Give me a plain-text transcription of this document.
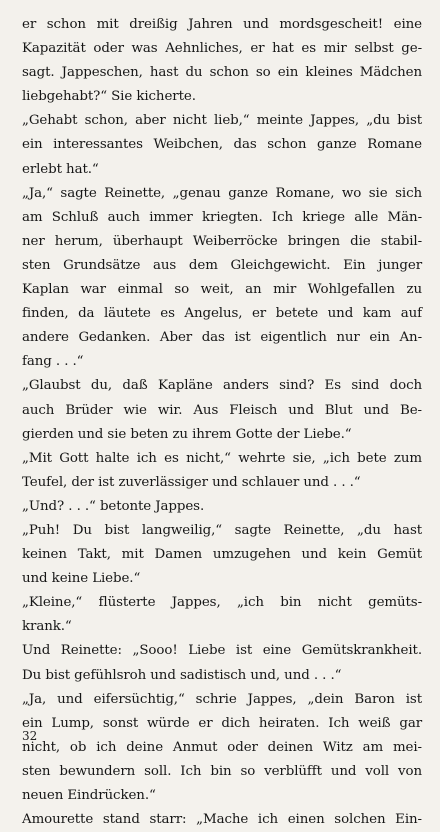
er schon mit dreißig Jahren und mordsgescheit! eine
Kapazität oder was Aehnliches, er hat es mir selbst ge-
sagt. Jappeschen, hast du schon so ein kleines Mädchen
liebgehabt?“ Sie kicherte.
„Gehabt schon, aber nicht lieb,“ meinte Jappes, „du bist
ein interessantes Weibchen, das schon ganze Romane
erlebt hat.“
„Ja,“ sagte Reinette, „genau ganze Romane, wo sie sich
am Schluß auch immer kriegten. Ich kriege alle Män-
ner herum, überhaupt Weiberröcke bringen die stabil-
sten Grundsätze aus dem Gleichgewicht. Ein junger
Kaplan war einmal so weit, an mir Wohlgefallen zu
finden, da läutete es Angelus, er betete und kam auf
andere Gedanken. Aber das ist eigentlich nur ein An-
fang . . .“
„Glaubst du, daß Kapläne anders sind? Es sind doch
auch Brüder wie wir. Aus Fleisch und Blut und Be-
gierden und sie beten zu ihrem Gotte der Liebe.“
„Mit Gott halte ich es nicht,“ wehrte sie, „ich bete zum
Teufel, der ist zuverlässiger und schlauer und . . .“
„Und? . . .“ betonte Jappes.
„Puh! Du bist langweilig,“ sagte Reinette, „du hast
keinen Takt, mit Damen umzugehen und kein Gemüt
und keine Liebe.“
„Kleine,“ flüsterte Jappes, „ich bin nicht gemüts-
krank.“
Und Reinette: „Sooo! Liebe ist eine Gemütskrankheit.
Du bist gefühlsroh und sadistisch und, und . . .“
„Ja, und eifersüchtig,“ schrie Jappes, „dein Baron ist
ein Lump, sonst würde er dich heiraten. Ich weiß gar
nicht, ob ich deine Anmut oder deinen Witz am mei-
sten bewundern soll. Ich bin so verblüfft und voll von
neuen Eindrücken.“
Amourette stand starr: „Mache ich einen solchen Ein-
32
